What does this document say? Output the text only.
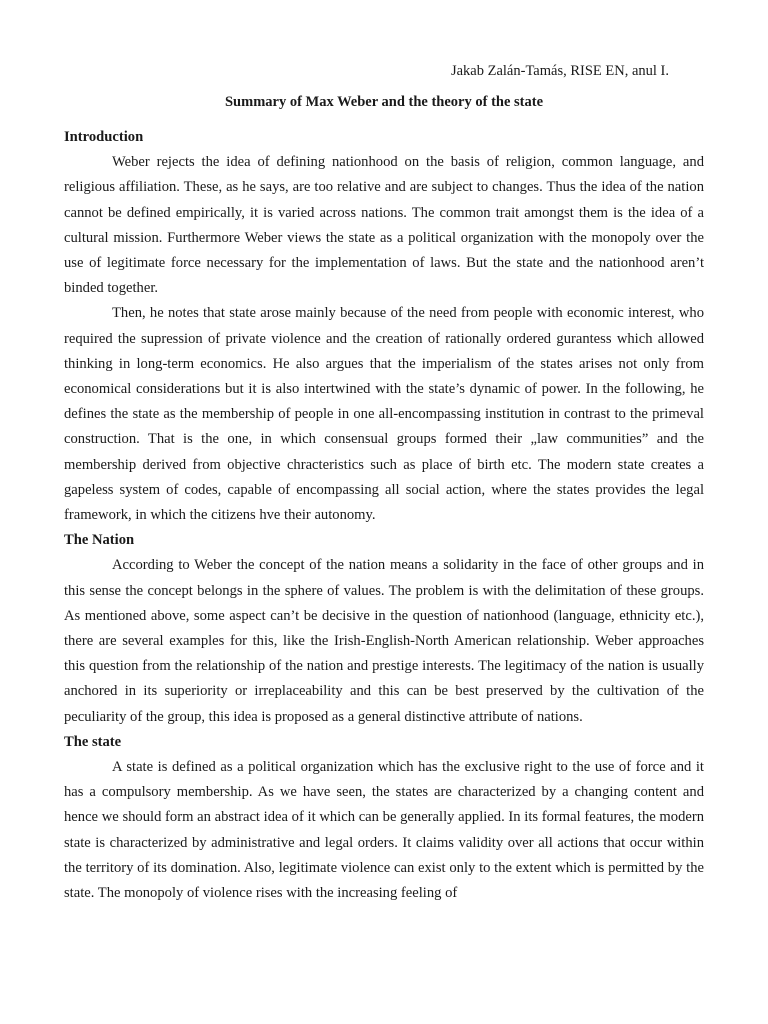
Jakab Zalán-Tamás, RISE EN, anul I.
Summary of Max Weber and the theory of the state

Introduction

Weber rejects the idea of defining nationhood on the basis of religion, common language, and religious affiliation. These, as he says, are too relative and are subject to changes. Thus the idea of the nation cannot be defined empirically, it is varied across nations. The common trait amongst them is the idea of a cultural mission. Furthermore Weber views the state as a political organization with the monopoly over the use of legitimate force necessary for the implementation of laws. But the state and the nationhood aren’t binded together.

Then, he notes that state arose mainly because of the need from people with economic interest, who required the supression of private violence and the creation of rationally ordered gurantess which allowed thinking in long-term economics. He also argues that the imperialism of the states arises not only from economical considerations but it is also intertwined with the state’s dynamic of power. In the following, he defines the state as the membership of people in one all-encompassing institution in contrast to the primeval construction. That is the one, in which consensual groups formed their „law communities” and the membership derived from objective chracteristics such as place of birth etc. The modern state creates a gapeless system of codes, capable of encompassing all social action, where the states provides the legal framework, in which the citizens hve their autonomy.

The Nation

According to Weber the concept of the nation means a solidarity in the face of other groups and in this sense the concept belongs in the sphere of values. The problem is with the delimitation of these groups. As mentioned above, some aspect can’t be decisive in the question of nationhood (language, ethnicity etc.), there are several examples for this, like the Irish-English-North American relationship. Weber approaches this question from the relationship of the nation and prestige interests. The legitimacy of the nation is usually anchored in its superiority or irreplaceability and this can be best preserved by the cultivation of the peculiarity of the group, this idea is proposed as a general distinctive attribute of nations.

The state

A state is defined as a political organization which has the exclusive right to the use of force and it has a compulsory membership. As we have seen, the states are characterized by a changing content and hence we should form an abstract idea of it which can be generally applied. In its formal features, the modern state is characterized by administrative and legal orders. It claims validity over all actions that occur within the territory of its domination. Also, legitimate violence can exist only to the extent which is permitted by the state. The monopoly of violence rises with the increasing feeling of
